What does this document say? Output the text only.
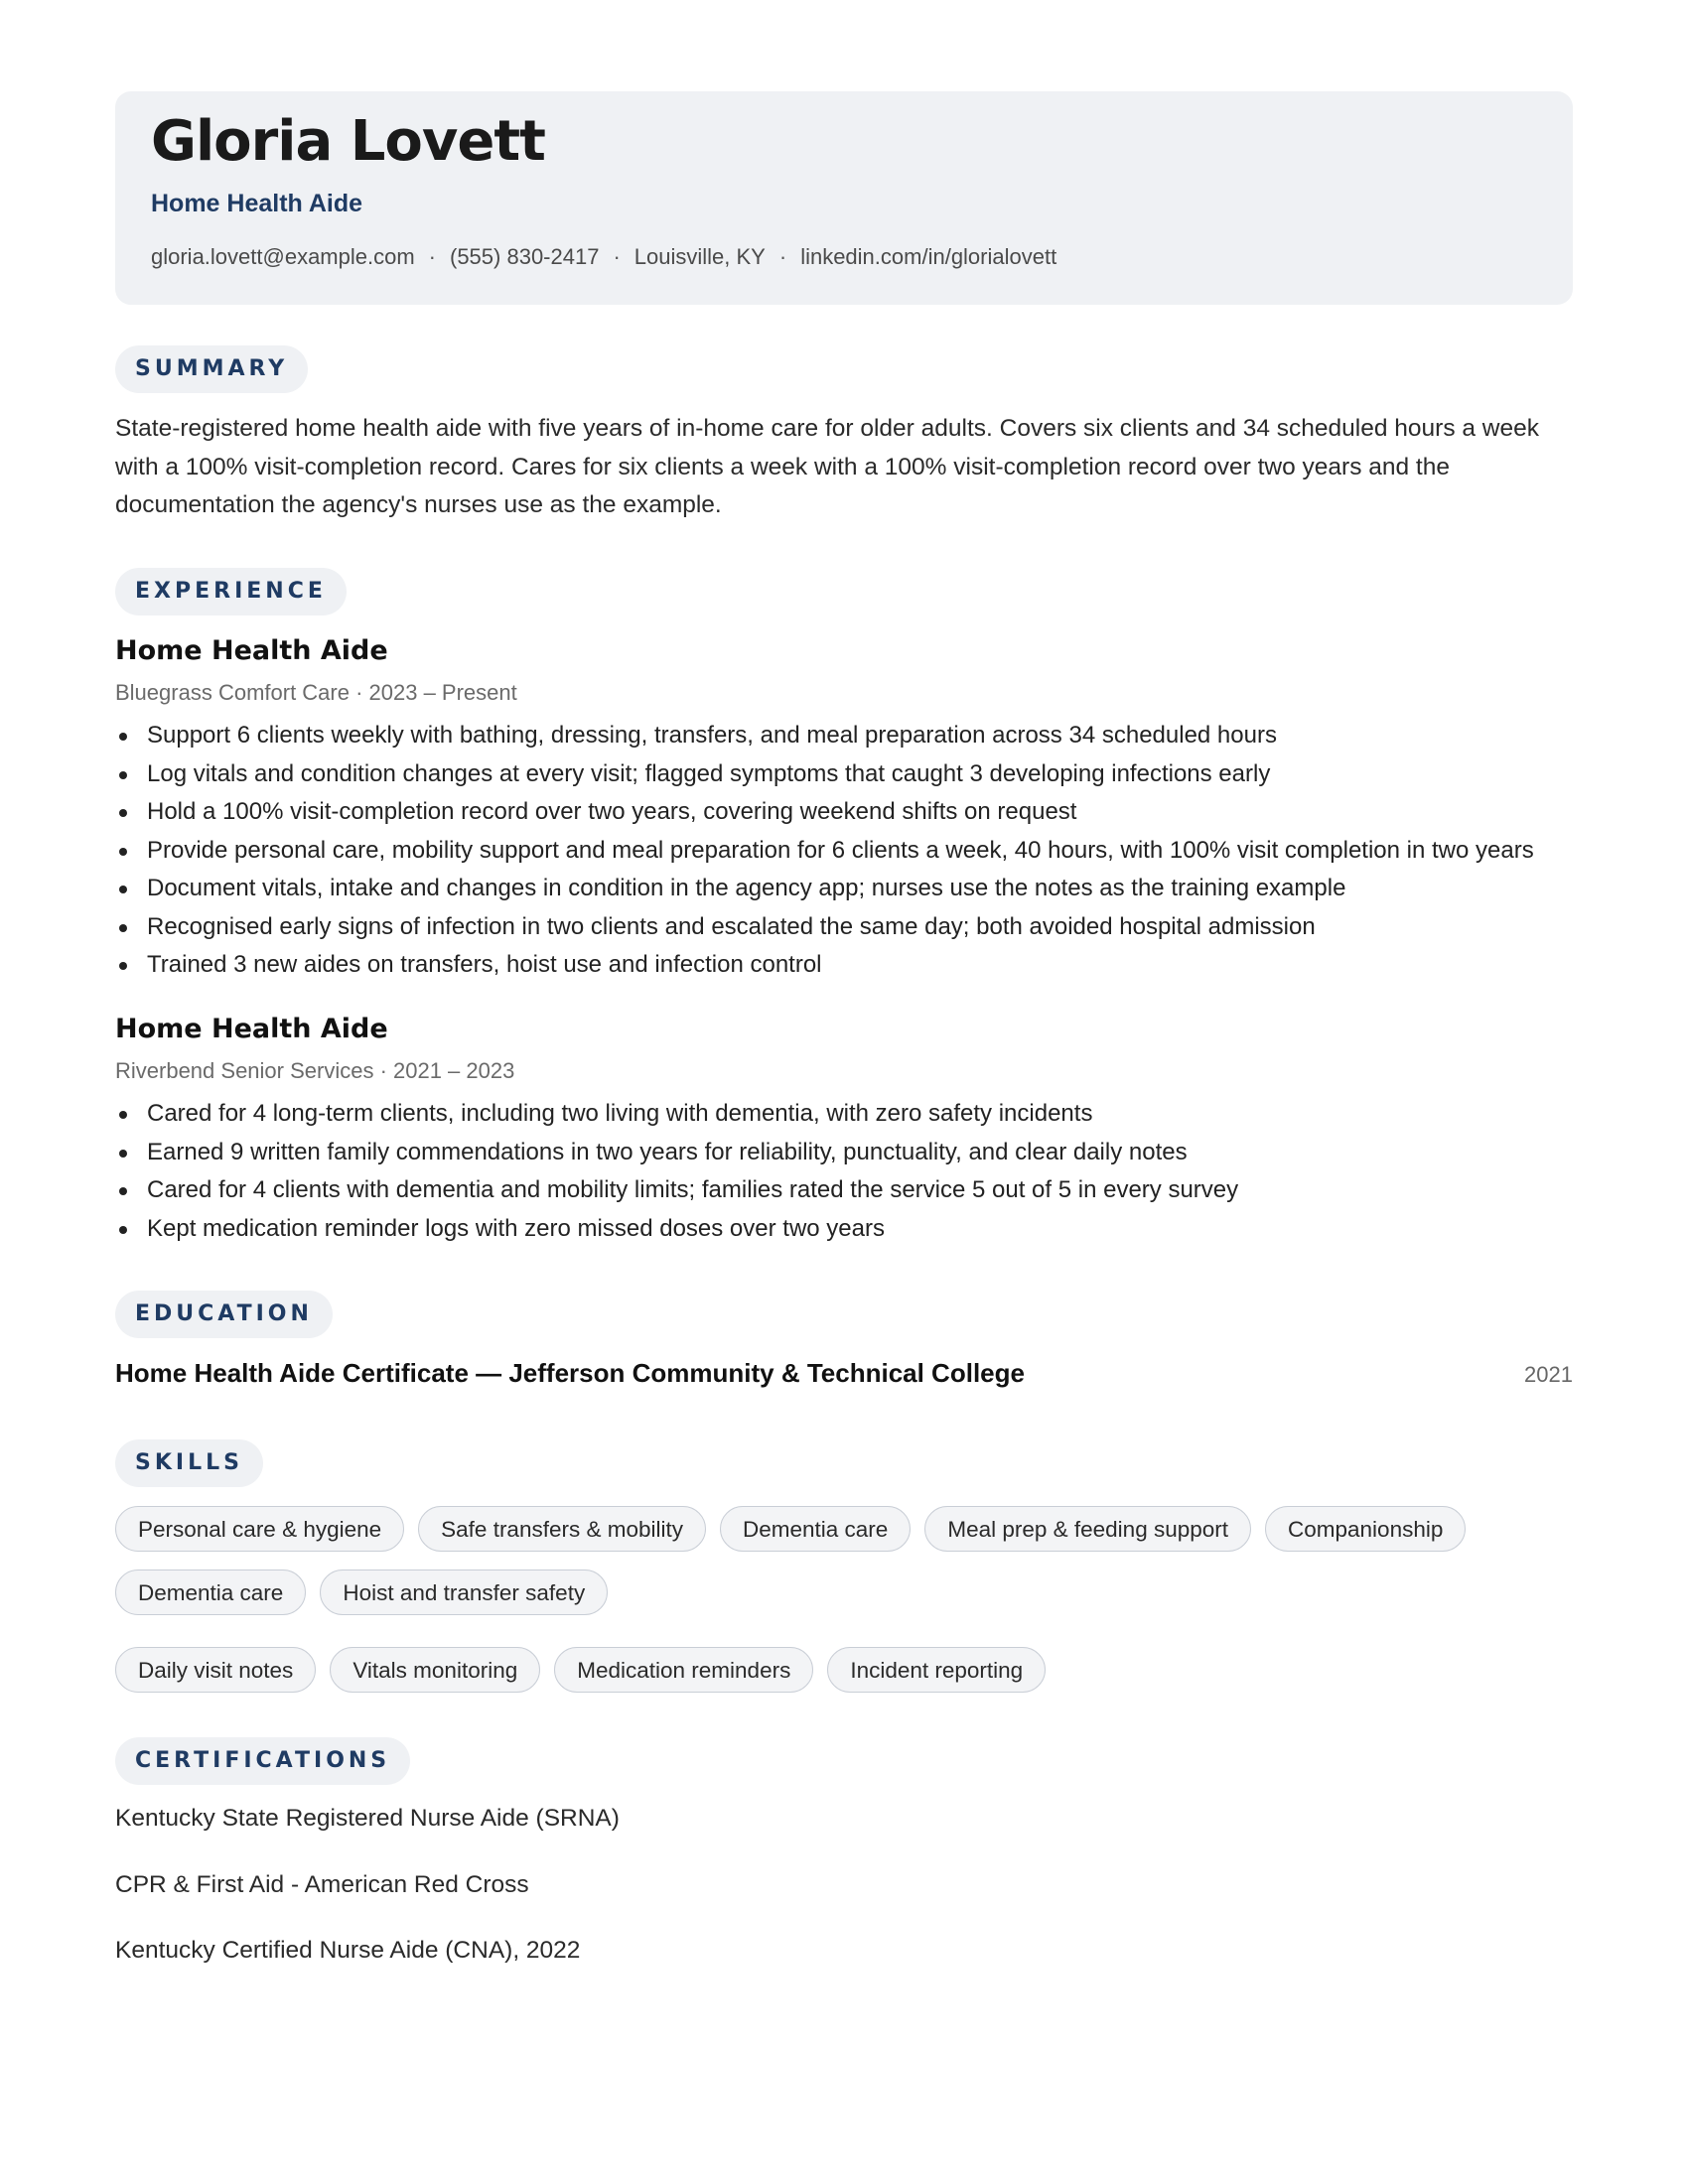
Gloria Lovett
Home Health Aide
gloria.lovett@example.com · (555) 830-2417 · Louisville, KY · linkedin.com/in/glorialovett
SUMMARY

State-registered home health aide with five years of in-home care for older adults. Covers six clients and 34 scheduled hours a week with a 100% visit-completion record. Cares for six clients a week with a 100% visit-completion record over two years and the documentation the agency's nurses use as the example.

EXPERIENCE
Home Health Aide
Bluegrass Comfort Care · 2023 – Present
Support 6 clients weekly with bathing, dressing, transfers, and meal preparation across 34 scheduled hours
Log vitals and condition changes at every visit; flagged symptoms that caught 3 developing infections early
Hold a 100% visit-completion record over two years, covering weekend shifts on request
Provide personal care, mobility support and meal preparation for 6 clients a week, 40 hours, with 100% visit completion in two years
Document vitals, intake and changes in condition in the agency app; nurses use the notes as the training example
Recognised early signs of infection in two clients and escalated the same day; both avoided hospital admission
Trained 3 new aides on transfers, hoist use and infection control
Home Health Aide
Riverbend Senior Services · 2021 – 2023
Cared for 4 long-term clients, including two living with dementia, with zero safety incidents
Earned 9 written family commendations in two years for reliability, punctuality, and clear daily notes
Cared for 4 clients with dementia and mobility limits; families rated the service 5 out of 5 in every survey
Kept medication reminder logs with zero missed doses over two years
EDUCATION
Home Health Aide Certificate — Jefferson Community & Technical College	2021
SKILLS
Personal care & hygiene	Safe transfers & mobility	Dementia care	Meal prep & feeding support	Companionship
Dementia care	Hoist and transfer safety
Daily visit notes	Vitals monitoring	Medication reminders	Incident reporting
CERTIFICATIONS
Kentucky State Registered Nurse Aide (SRNA)
CPR & First Aid - American Red Cross
Kentucky Certified Nurse Aide (CNA), 2022
